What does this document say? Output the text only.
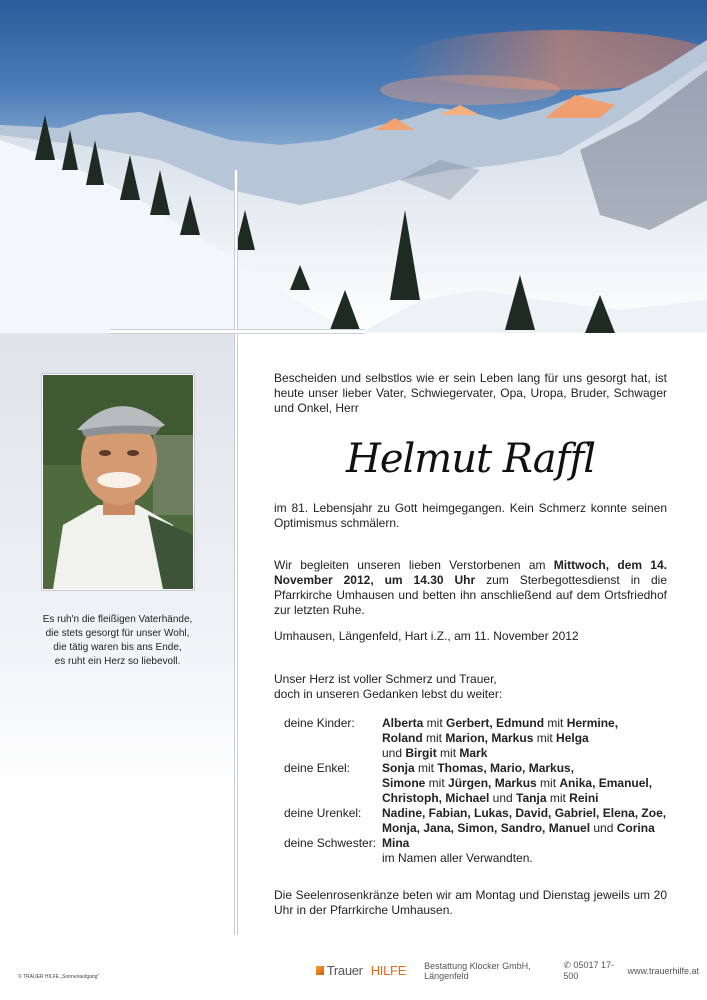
Es ruh'n die fleißigen Vaterhände,
die stets gesorgt für unser Wohl,
die tätig waren bis ans Ende,
es ruht ein Herz so liebevoll.
Bescheiden und selbstlos wie er sein Leben lang für uns gesorgt hat, ist heute unser lieber Vater, Schwiegervater, Opa, Uropa, Bruder, Schwager und Onkel, Herr
Helmut Raffl
im 81. Lebensjahr zu Gott heimgegangen. Kein Schmerz konnte seinen Optimismus schmälern.
Wir begleiten unseren lieben Verstorbenen am Mittwoch, dem 14. November 2012, um 14.30 Uhr zum Sterbegottesdienst in die Pfarrkirche Umhausen und betten ihn anschließend auf dem Ortsfriedhof zur letzten Ruhe.
Umhausen, Längenfeld, Hart i.Z., am 11. November 2012
Unser Herz ist voller Schmerz und Trauer,
doch in unseren Gedanken lebst du weiter:
deine Kinder:	Alberta mit Gerbert, Edmund mit Hermine,
Roland mit Marion, Markus mit Helga
und Birgit mit Mark
deine Enkel:	Sonja mit Thomas, Mario, Markus,
Simone mit Jürgen, Markus mit Anika, Emanuel,
Christoph, Michael und Tanja mit Reini
deine Urenkel:	Nadine, Fabian, Lukas, David, Gabriel, Elena, Zoe,
Monja, Jana, Simon, Sandro, Manuel und Corina
deine Schwester: Mina
im Namen aller Verwandten.
Die Seelenrosenkränze beten wir am Montag und Dienstag jeweils um 20 Uhr in der Pfarrkirche Umhausen.
© TRAUER HILFE „Sonnenaufgang"	Trauer HILFE	Bestattung Klocker GmbH, Längenfeld
✆ 05017 17-500
www.trauerhilfe.at
